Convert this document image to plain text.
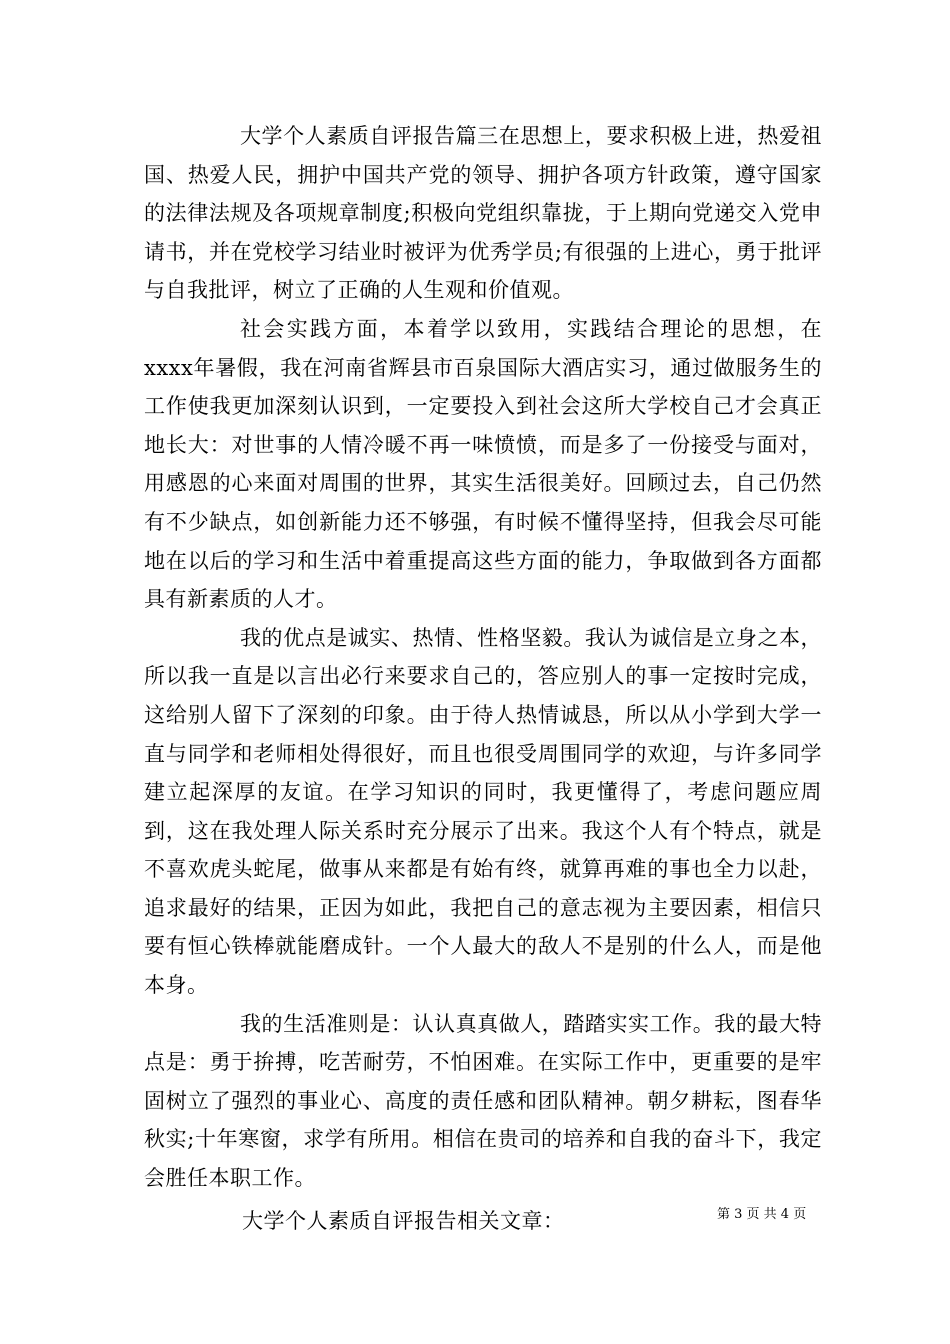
大学个人素质自评报告篇三在思想上，要求积极上进，热爱祖国、热爱人民，拥护中国共产党的领导、拥护各项方针政策，遵守国家的法律法规及各项规章制度;积极向党组织靠拢，于上期向党递交入党申请书，并在党校学习结业时被评为优秀学员;有很强的上进心，勇于批评与自我批评，树立了正确的人生观和价值观。

社会实践方面，本着学以致用，实践结合理论的思想，在xxxx年暑假，我在河南省辉县市百泉国际大酒店实习，通过做服务生的工作使我更加深刻认识到，一定要投入到社会这所大学校自己才会真正地长大：对世事的人情冷暖不再一味愤愤，而是多了一份接受与面对，用感恩的心来面对周围的世界，其实生活很美好。回顾过去，自己仍然有不少缺点，如创新能力还不够强，有时候不懂得坚持，但我会尽可能地在以后的学习和生活中着重提高这些方面的能力，争取做到各方面都具有新素质的人才。

我的优点是诚实、热情、性格坚毅。我认为诚信是立身之本，所以我一直是以言出必行来要求自己的，答应别人的事一定按时完成，这给别人留下了深刻的印象。由于待人热情诚恳，所以从小学到大学一直与同学和老师相处得很好，而且也很受周围同学的欢迎，与许多同学建立起深厚的友谊。在学习知识的同时，我更懂得了，考虑问题应周到，这在我处理人际关系时充分展示了出来。我这个人有个特点，就是不喜欢虎头蛇尾，做事从来都是有始有终，就算再难的事也全力以赴，追求最好的结果，正因为如此，我把自己的意志视为主要因素，相信只要有恒心铁棒就能磨成针。一个人最大的敌人不是别的什么人，而是他本身。

我的生活准则是：认认真真做人，踏踏实实工作。我的最大特点是：勇于拚搏，吃苦耐劳，不怕困难。在实际工作中，更重要的是牢固树立了强烈的事业心、高度的责任感和团队精神。朝夕耕耘，图春华秋实;十年寒窗，求学有所用。相信在贵司的培养和自我的奋斗下，我定会胜任本职工作。

大学个人素质自评报告相关文章：	第 3 页 共 4 页
